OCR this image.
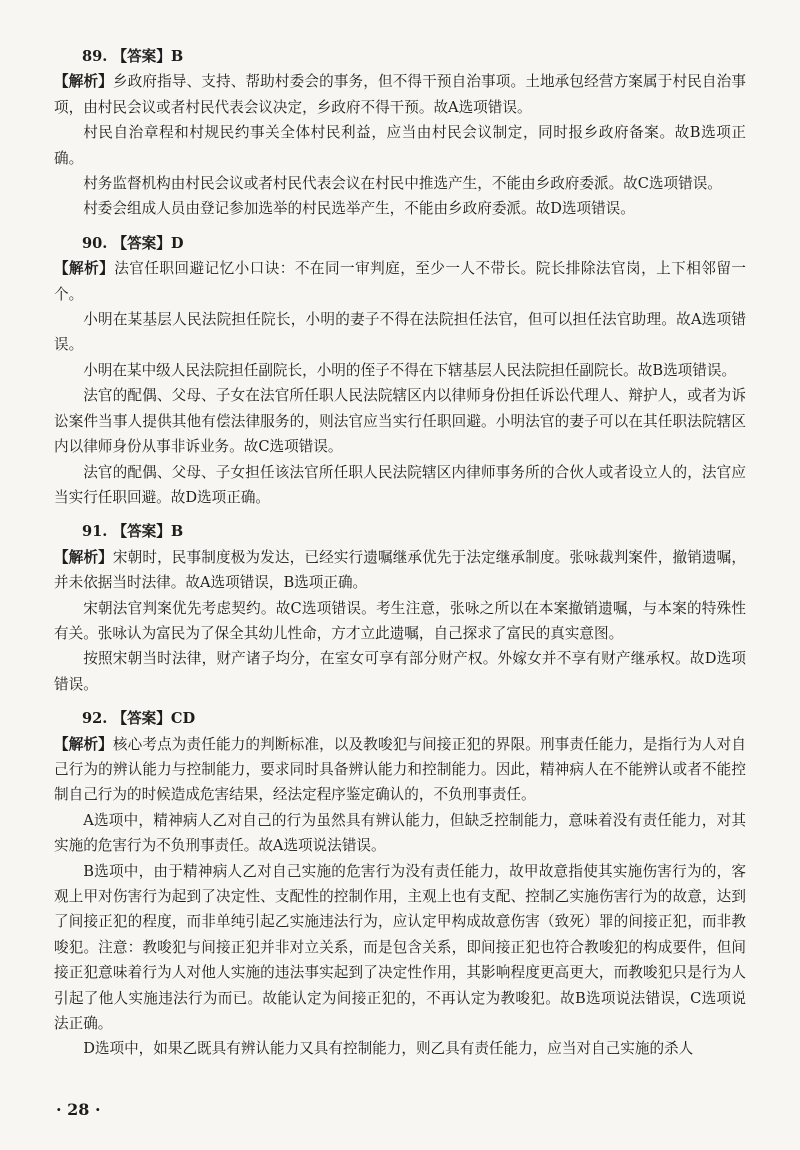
89. 【答案】B

【解析】乡政府指导、支持、帮助村委会的事务，但不得干预自治事项。土地承包经营方案属于村民自治事项，由村民会议或者村民代表会议决定，乡政府不得干预。故A选项错误。

村民自治章程和村规民约事关全体村民利益，应当由村民会议制定，同时报乡政府备案。故B选项正确。

村务监督机构由村民会议或者村民代表会议在村民中推选产生，不能由乡政府委派。故C选项错误。

村委会组成人员由登记参加选举的村民选举产生，不能由乡政府委派。故D选项错误。

90. 【答案】D

【解析】法官任职回避记忆小口诀：不在同一审判庭，至少一人不带长。院长排除法官岗，上下相邻留一个。

小明在某基层人民法院担任院长，小明的妻子不得在法院担任法官，但可以担任法官助理。故A选项错误。

小明在某中级人民法院担任副院长，小明的侄子不得在下辖基层人民法院担任副院长。故B选项错误。

法官的配偶、父母、子女在法官所任职人民法院辖区内以律师身份担任诉讼代理人、辩护人，或者为诉讼案件当事人提供其他有偿法律服务的，则法官应当实行任职回避。小明法官的妻子可以在其任职法院辖区内以律师身份从事非诉业务。故C选项错误。

法官的配偶、父母、子女担任该法官所任职人民法院辖区内律师事务所的合伙人或者设立人的，法官应当实行任职回避。故D选项正确。

91. 【答案】B

【解析】宋朝时，民事制度极为发达，已经实行遗嘱继承优先于法定继承制度。张咏裁判案件，撤销遗嘱，并未依据当时法律。故A选项错误，B选项正确。

宋朝法官判案优先考虑契约。故C选项错误。考生注意，张咏之所以在本案撤销遗嘱，与本案的特殊性有关。张咏认为富民为了保全其幼儿性命，方才立此遗嘱，自己探求了富民的真实意图。

按照宋朝当时法律，财产诸子均分，在室女可享有部分财产权。外嫁女并不享有财产继承权。故D选项错误。

92. 【答案】CD

【解析】核心考点为责任能力的判断标准，以及教唆犯与间接正犯的界限。刑事责任能力，是指行为人对自己行为的辨认能力与控制能力，要求同时具备辨认能力和控制能力。因此，精神病人在不能辨认或者不能控制自己行为的时候造成危害结果，经法定程序鉴定确认的，不负刑事责任。

A选项中，精神病人乙对自己的行为虽然具有辨认能力，但缺乏控制能力，意味着没有责任能力，对其实施的危害行为不负刑事责任。故A选项说法错误。

B选项中，由于精神病人乙对自己实施的危害行为没有责任能力，故甲故意指使其实施伤害行为的，客观上甲对伤害行为起到了决定性、支配性的控制作用，主观上也有支配、控制乙实施伤害行为的故意，达到了间接正犯的程度，而非单纯引起乙实施违法行为，应认定甲构成故意伤害（致死）罪的间接正犯，而非教唆犯。注意：教唆犯与间接正犯并非对立关系，而是包含关系，即间接正犯也符合教唆犯的构成要件，但间接正犯意味着行为人对他人实施的违法事实起到了决定性作用，其影响程度更高更大，而教唆犯只是行为人引起了他人实施违法行为而已。故能认定为间接正犯的，不再认定为教唆犯。故B选项说法错误，C选项说法正确。

D选项中，如果乙既具有辨认能力又具有控制能力，则乙具有责任能力，应当对自己实施的杀人

· 28 ·
